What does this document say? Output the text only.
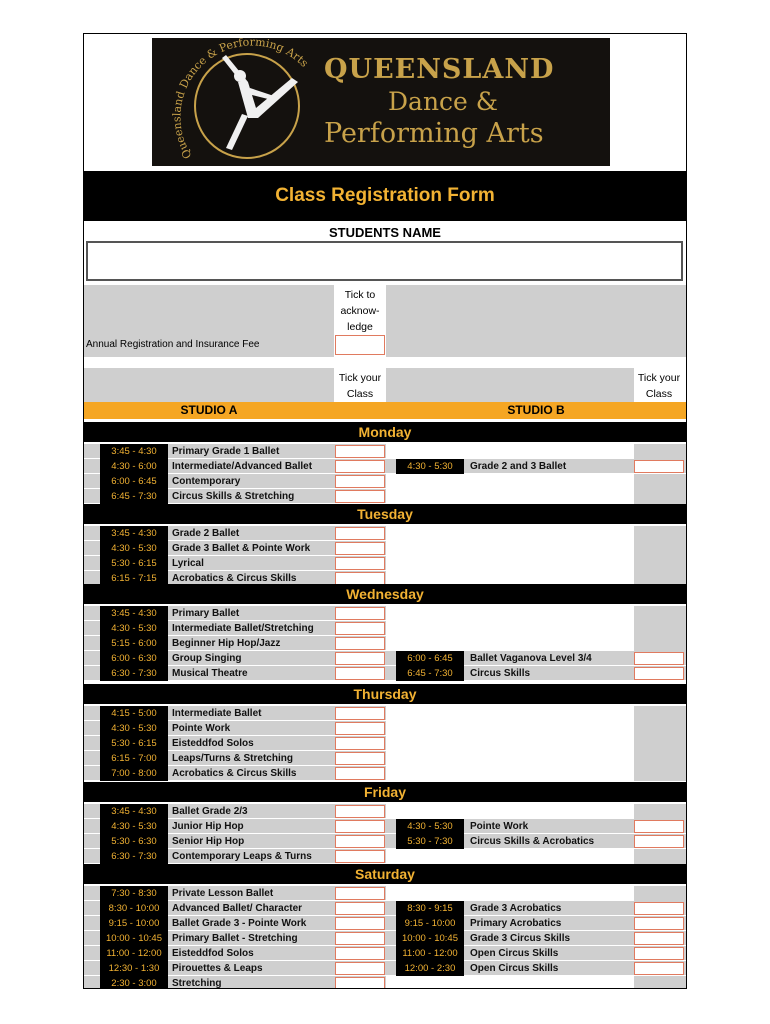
Queensland Dance & Performing Arts QUEENSLAND
Dance &
Performing Arts
Class Registration Form
STUDENTS NAME
Tick to
acknow-
ledge
Annual Registration and Insurance Fee
Tick your
Class
Tick your
Class
STUDIO A	STUDIO B
Monday
3:45 - 4:30	Primary Grade 1 Ballet
4:30 - 6:00	Intermediate/Advanced Ballet	4:30 - 5:30	Grade 2 and 3 Ballet
6:00 - 6:45	Contemporary
6:45 - 7:30	Circus Skills & Stretching
Tuesday
3:45 - 4:30	Grade 2 Ballet
4:30 - 5:30	Grade 3 Ballet & Pointe Work
5:30 - 6:15	Lyrical
6:15 - 7:15	Acrobatics & Circus Skills
Wednesday
3:45 - 4:30	Primary Ballet
4:30 - 5:30	Intermediate Ballet/Stretching
5:15 - 6:00	Beginner Hip Hop/Jazz
6:00 - 6:30	Group Singing	6:00 - 6:45	Ballet Vaganova Level 3/4
6:30 - 7:30	Musical Theatre	6:45 - 7:30	Circus Skills
Thursday
4:15 - 5:00	Intermediate Ballet
4:30 - 5:30	Pointe Work
5:30 - 6:15	Eisteddfod Solos
6:15 - 7:00	Leaps/Turns & Stretching
7:00 - 8:00	Acrobatics & Circus Skills
Friday
3:45 - 4:30	Ballet Grade 2/3
4:30 - 5:30	Junior Hip Hop	4:30 - 5:30	Pointe Work
5:30 - 6:30	Senior Hip Hop	5:30 - 7:30	Circus Skills & Acrobatics
6:30 - 7:30	Contemporary Leaps & Turns
Saturday
7:30 - 8:30	Private Lesson Ballet
8:30 - 10:00	Advanced Ballet/ Character	8:30 - 9:15	Grade 3 Acrobatics
9:15 - 10:00	Ballet Grade 3 - Pointe Work	9:15 - 10:00	Primary Acrobatics
10:00 - 10:45	Primary Ballet - Stretching	10:00 - 10:45	Grade 3 Circus Skills
11:00 - 12:00	Eisteddfod Solos	11:00 - 12:00	Open Circus Skills
12:30 - 1:30	Pirouettes & Leaps	12:00 - 2:30	Open Circus Skills
2:30 - 3:00	Stretching
